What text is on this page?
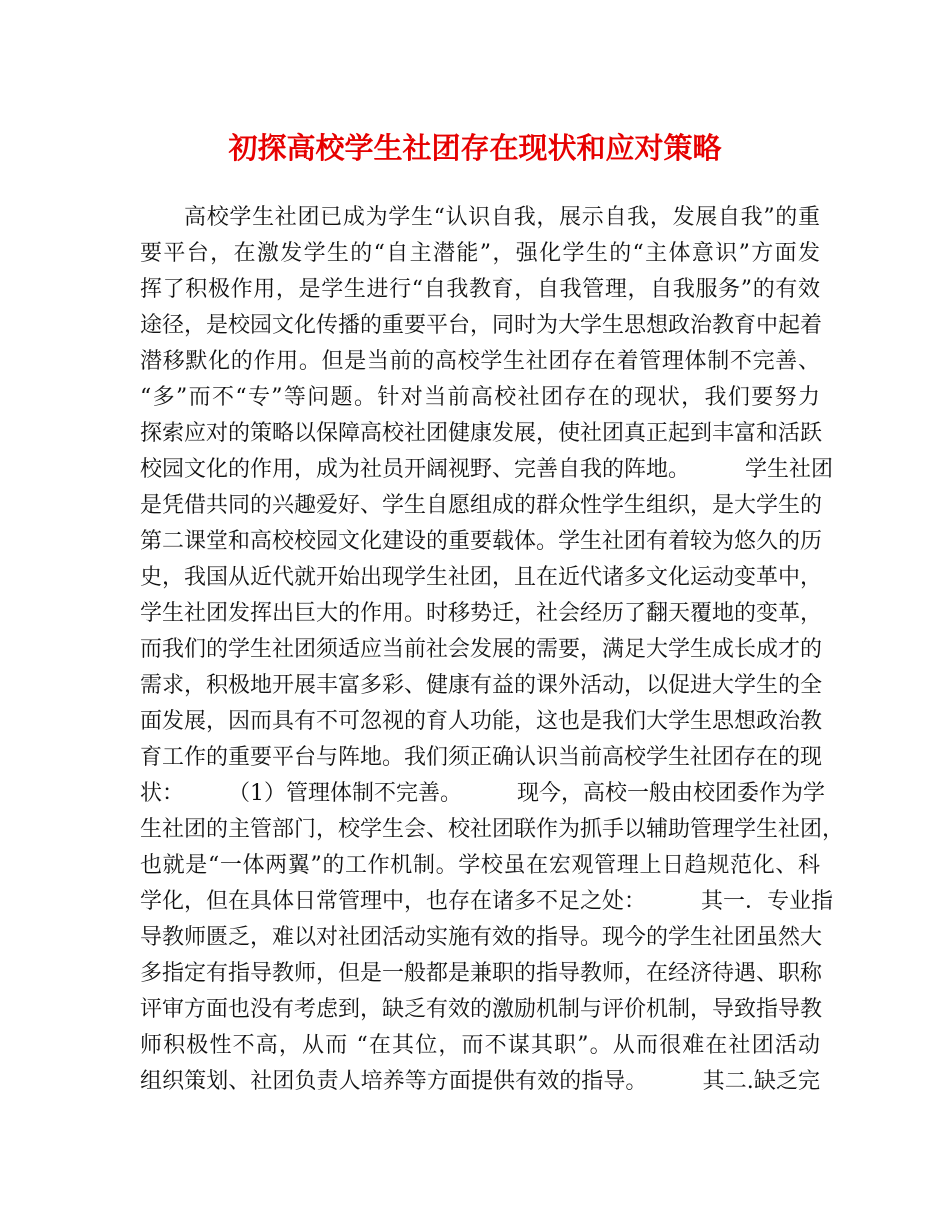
初探高校学生社团存在现状和应对策略
高校学生社团已成为学生“认识自我，展示自我，发展自我”的重
要平台，在激发学生的“自主潜能”，强化学生的“主体意识”方面发
挥了积极作用，是学生进行“自我教育，自我管理，自我服务”的有效
途径，是校园文化传播的重要平台，同时为大学生思想政治教育中起着
潜移默化的作用。但是当前的高校学生社团存在着管理体制不完善、
“多”而不“专”等问题。针对当前高校社团存在的现状，我们要努力
探索应对的策略以保障高校社团健康发展，使社团真正起到丰富和活跃
校园文化的作用，成为社员开阔视野、完善自我的阵地。　　　学生社团
是凭借共同的兴趣爱好、学生自愿组成的群众性学生组织，是大学生的
第二课堂和高校校园文化建设的重要载体。学生社团有着较为悠久的历
史，我国从近代就开始出现学生社团，且在近代诸多文化运动变革中，
学生社团发挥出巨大的作用。时移势迁，社会经历了翻天覆地的变革，
而我们的学生社团须适应当前社会发展的需要，满足大学生成长成才的
需求，积极地开展丰富多彩、健康有益的课外活动，以促进大学生的全
面发展，因而具有不可忽视的育人功能，这也是我们大学生思想政治教
育工作的重要平台与阵地。我们须正确认识当前高校学生社团存在的现
状：　　　（1）管理体制不完善。　　　现今，高校一般由校团委作为学
生社团的主管部门，校学生会、校社团联作为抓手以辅助管理学生社团，
也就是“一体两翼”的工作机制。学校虽在宏观管理上日趋规范化、科
学化，但在具体日常管理中，也存在诸多不足之处：　　　其一．专业指
导教师匮乏，难以对社团活动实施有效的指导。现今的学生社团虽然大
多指定有指导教师，但是一般都是兼职的指导教师，在经济待遇、职称
评审方面也没有考虑到，缺乏有效的激励机制与评价机制，导致指导教
师积极性不高，从而 “在其位，而不谋其职”。从而很难在社团活动
组织策划、社团负责人培养等方面提供有效的指导。　　　其二.缺乏完
